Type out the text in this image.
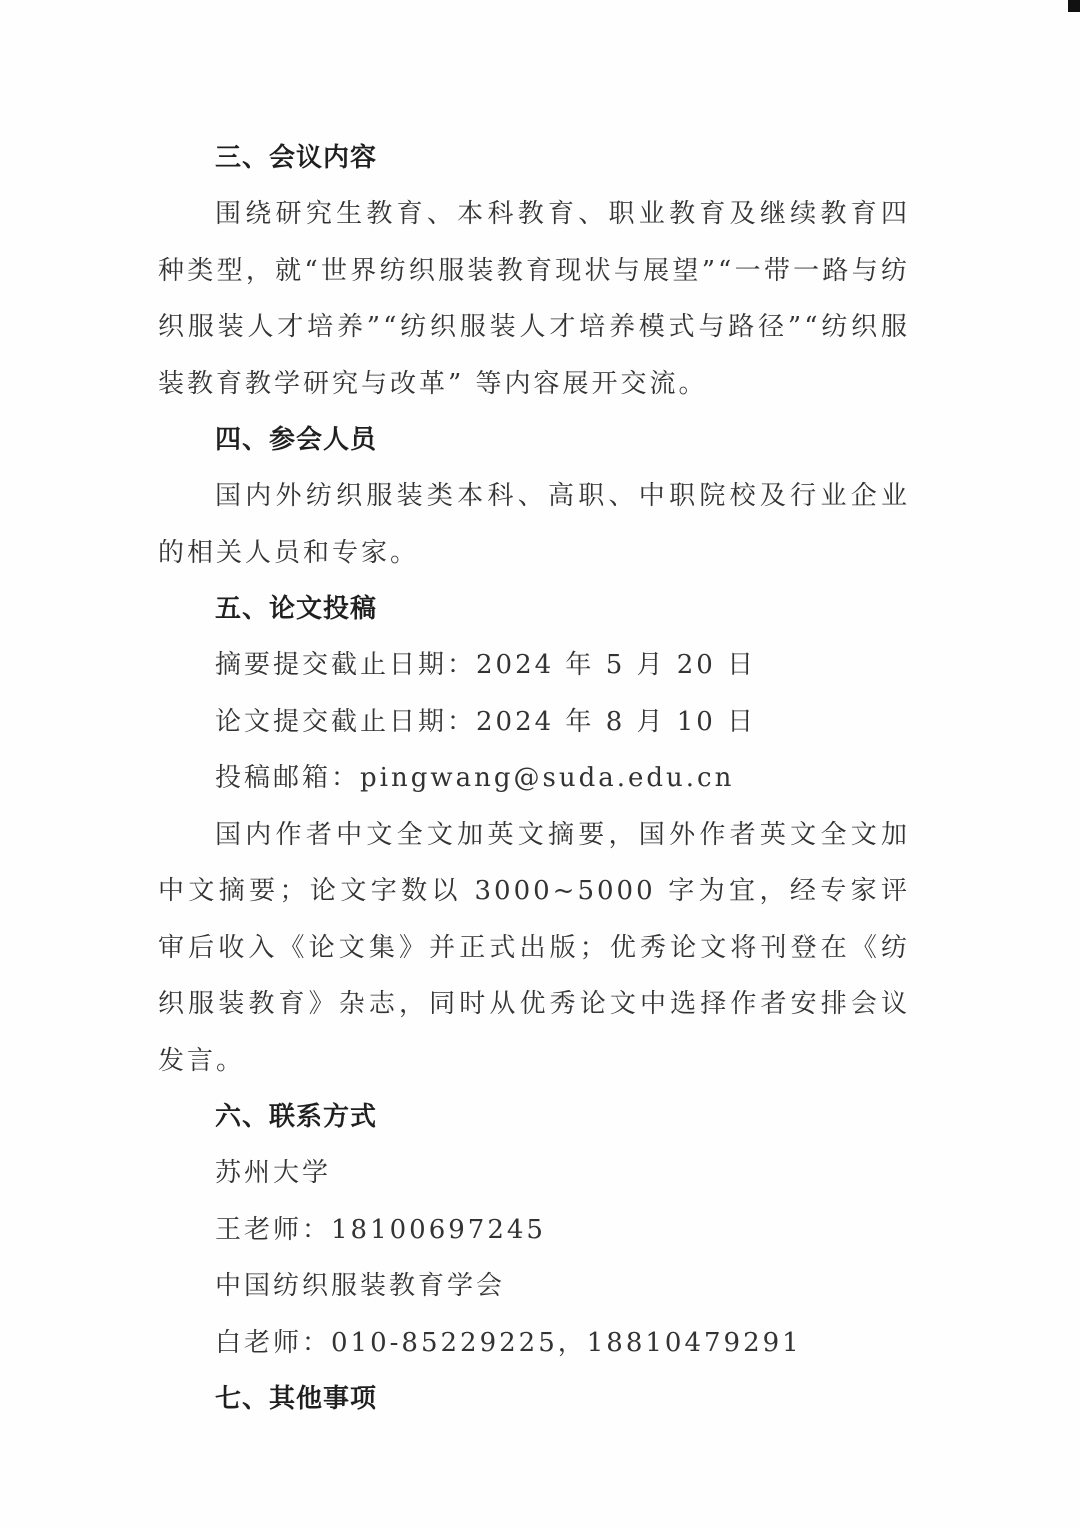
三、会议内容

围绕研究生教育、本科教育、职业教育及继续教育四种类型，就“世界纺织服装教育现状与展望”“一带一路与纺织服装人才培养”“纺织服装人才培养模式与路径”“纺织服装教育教学研究与改革” 等内容展开交流。

四、参会人员

国内外纺织服装类本科、高职、中职院校及行业企业的相关人员和专家。

五、论文投稿

摘要提交截止日期：2024 年 5 月 20 日

论文提交截止日期：2024 年 8 月 10 日

投稿邮箱：pingwang@suda.edu.cn

国内作者中文全文加英文摘要，国外作者英文全文加中文摘要；论文字数以 3000~5000 字为宜，经专家评审后收入《论文集》并正式出版；优秀论文将刊登在《纺织服装教育》杂志，同时从优秀论文中选择作者安排会议发言。

六、联系方式

苏州大学

王老师：18100697245

中国纺织服装教育学会

白老师：010-85229225，18810479291

七、其他事项
